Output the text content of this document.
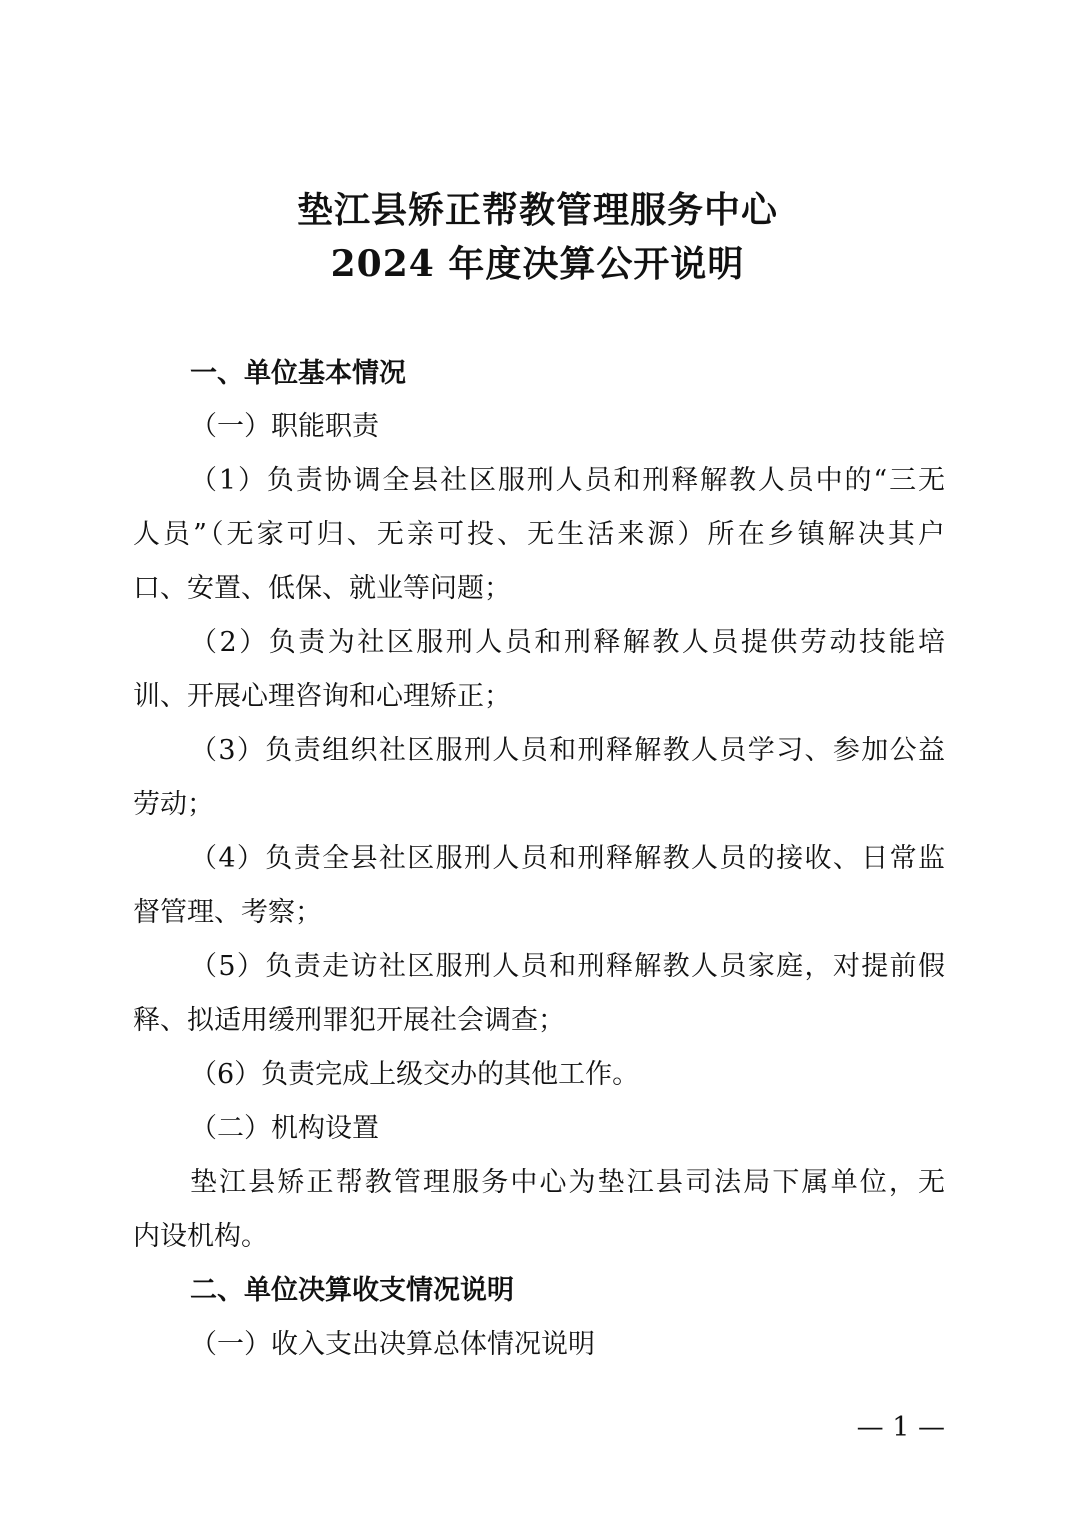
垫江县矫正帮教管理服务中心
2024 年度决算公开说明
一、单位基本情况
（一）职能职责
（1）负责协调全县社区服刑人员和刑释解教人员中的“三无
人员”（无家可归、无亲可投、无生活来源）所在乡镇解决其户
口、安置、低保、就业等问题；
（2）负责为社区服刑人员和刑释解教人员提供劳动技能培
训、开展心理咨询和心理矫正；
（3）负责组织社区服刑人员和刑释解教人员学习、参加公益
劳动；
（4）负责全县社区服刑人员和刑释解教人员的接收、日常监
督管理、考察；
（5）负责走访社区服刑人员和刑释解教人员家庭，对提前假
释、拟适用缓刑罪犯开展社会调查；
（6）负责完成上级交办的其他工作。
（二）机构设置
垫江县矫正帮教管理服务中心为垫江县司法局下属单位，无
内设机构。
二、单位决算收支情况说明
（一）收入支出决算总体情况说明
— 1 —
